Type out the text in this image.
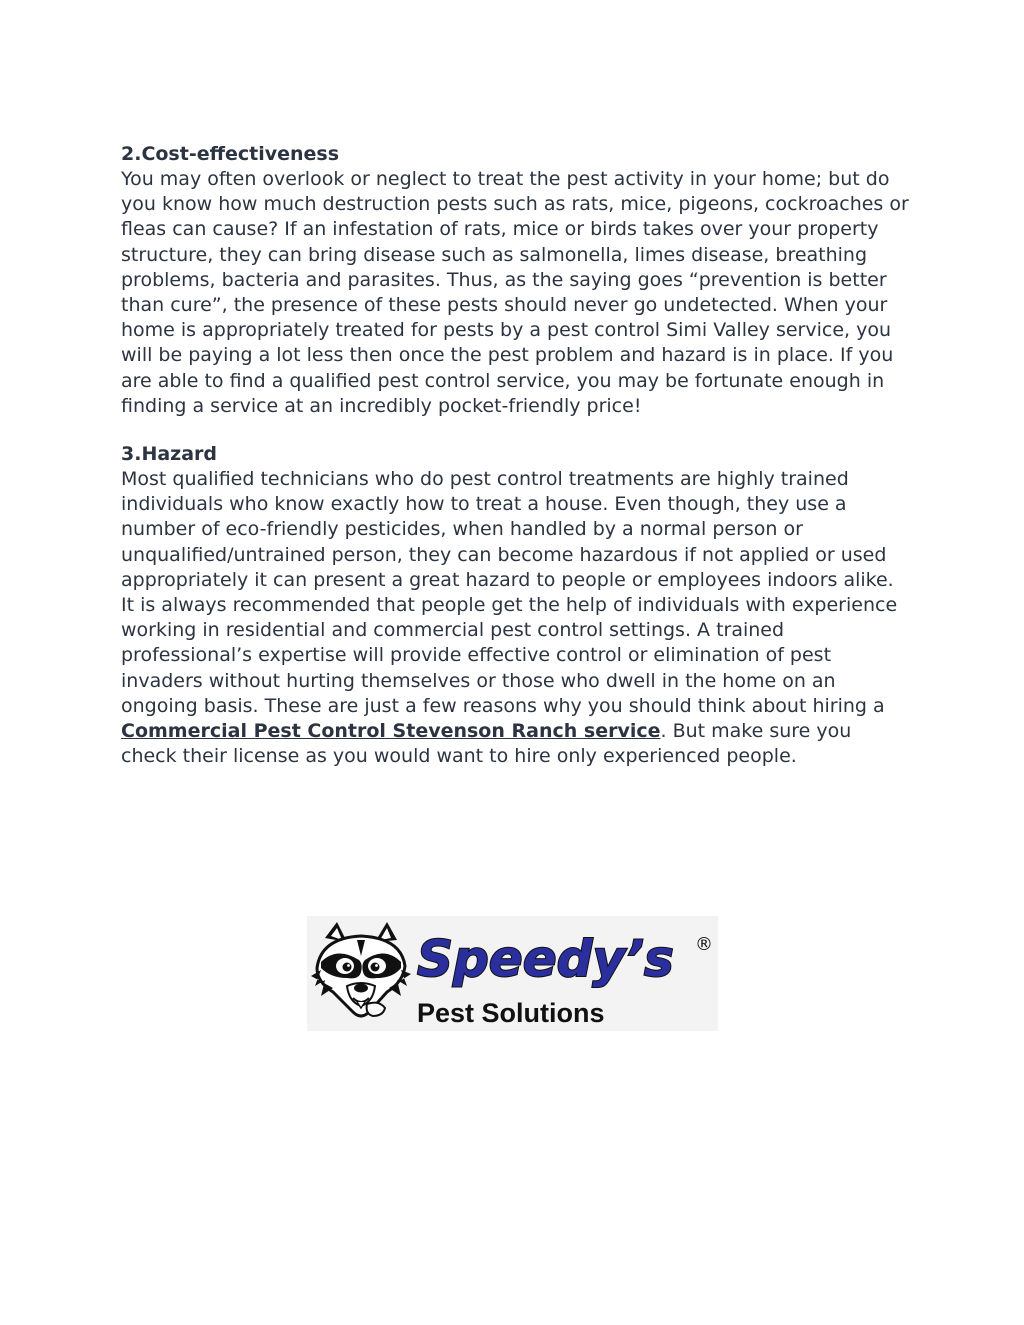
2.Cost-effectiveness

You may often overlook or neglect to treat the pest activity in your home; but do you know how much destruction pests such as rats, mice, pigeons, cockroaches or fleas can cause? If an infestation of rats, mice or birds takes over your property structure, they can bring disease such as salmonella, limes disease, breathing problems, bacteria and parasites. Thus, as the saying goes “prevention is better than cure”, the presence of these pests should never go undetected. When your home is appropriately treated for pests by a pest control Simi Valley service, you will be paying a lot less then once the pest problem and hazard is in place. If you are able to find a qualified pest control service, you may be fortunate enough in finding a service at an incredibly pocket-friendly price!

3.Hazard

Most qualified technicians who do pest control treatments are highly trained individuals who know exactly how to treat a house. Even though, they use a number of eco-friendly pesticides, when handled by a normal person or unqualified/untrained person, they can become hazardous if not applied or used appropriately it can present a great hazard to people or employees indoors alike. It is always recommended that people get the help of individuals with experience working in residential and commercial pest control settings. A trained professional’s expertise will provide effective control or elimination of pest invaders without hurting themselves or those who dwell in the home on an ongoing basis. These are just a few reasons why you should think about hiring a Commercial Pest Control Stevenson Ranch service. But make sure you check their license as you would want to hire only experienced people.

Speedy’s ®
Pest Solutions
